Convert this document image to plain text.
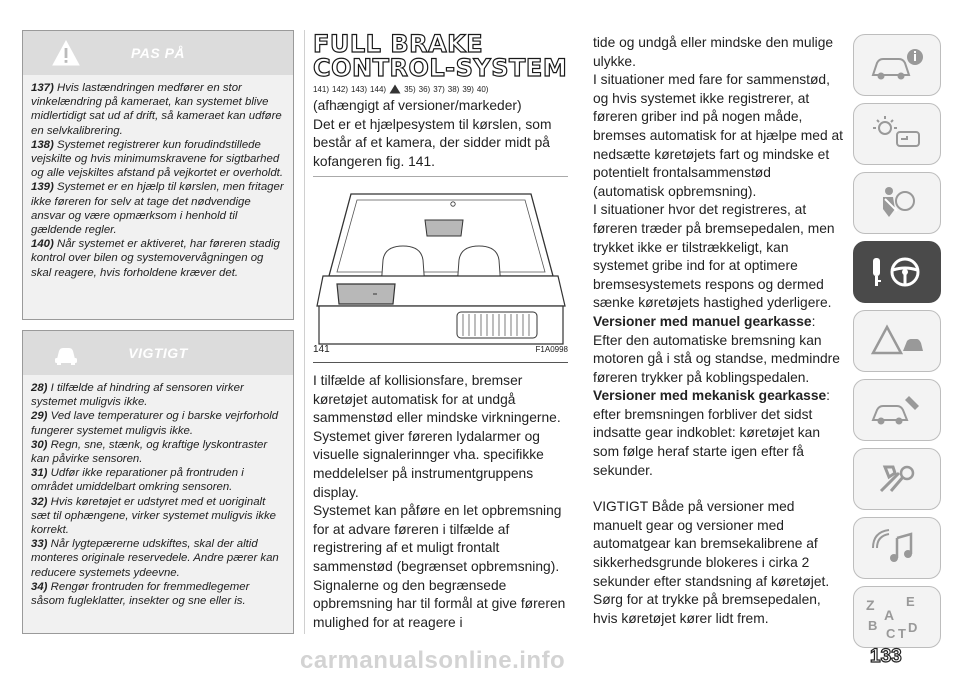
PAS PÅ

137) Hvis lastændringen medfører en stor vinkelændring på kameraet, kan systemet blive midlertidigt sat ud af drift, så kameraet kan udføre en selvkalibrering.

138) Systemet registrerer kun forudindstillede vejskilte og hvis minimumskravene for sigtbarhed og alle vejskiltes afstand på vejkortet er overholdt.

139) Systemet er en hjælp til kørslen, men fritager ikke føreren for selv at tage det nødvendige ansvar og være opmærksom i henhold til gældende regler.

140) Når systemet er aktiveret, har føreren stadig kontrol over bilen og systemovervågningen og skal reagere, hvis forholdene kræver det.

VIGTIGT

28) I tilfælde af hindring af sensoren virker systemet muligvis ikke.

29) Ved lave temperaturer og i barske vejrforhold fungerer systemet muligvis ikke.

30) Regn, sne, stænk, og kraftige lyskontraster kan påvirke sensoren.

31) Udfør ikke reparationer på frontruden i området umiddelbart omkring sensoren.

32) Hvis køretøjet er udstyret med et uoriginalt sæt til ophængene, virker systemet muligvis ikke korrekt.

33) Når lygtepærerne udskiftes, skal der altid monteres originale reservedele. Andre pærer kan reducere systemets ydeevne.

34) Rengør frontruden for fremmedlegemer såsom fugleklatter, insekter og sne eller is.

FULL BRAKE
CONTROL-SYSTEM
141) 142) 143) 144) 35) 36) 37) 38) 39) 40)

(afhængigt af versioner/markeder)

Det er et hjælpesystem til kørslen, som består af et kamera, der sidder midt på kofangeren fig. 141.

141	F1A0998

I tilfælde af kollisionsfare, bremser køretøjet automatisk for at undgå sammenstød eller mindske virkningerne.

Systemet giver føreren lydalarmer og visuelle signalerinnger vha. specifikke meddelelser på instrumentgruppens display.

Systemet kan påføre en let opbremsning for at advare føreren i tilfælde af registrering af et muligt frontalt sammenstød (begrænset opbremsning). Signalerne og den begrænsede opbremsning har til formål at give føreren mulighed for at reagere i

tide og undgå eller mindske den mulige ulykke.

I situationer med fare for sammenstød, og hvis systemet ikke registrerer, at føreren griber ind på nogen måde, bremses automatisk for at hjælpe med at nedsætte køretøjets fart og mindske et potentielt frontalsammenstød (automatisk opbremsning).

I situationer hvor det registreres, at føreren træder på bremsepedalen, men trykket ikke er tilstrækkeligt, kan systemet gribe ind for at optimere bremsesystemets respons og dermed sænke køretøjets hastighed yderligere.

Versioner med manuel gearkasse:

Efter den automatiske bremsning kan motoren gå i stå og standse, medmindre føreren trykker på koblingspedalen.

Versioner med mekanisk gearkasse: efter bremsningen forbliver det sidst indsatte gear indkoblet: køretøjet kan som følge heraf starte igen efter få sekunder.

VIGTIGT Både på versioner med manuelt gear og versioner med automatgear kan bremsekalibrene af sikkerhedsgrunde blokeres i cirka 2 sekunder efter standsning af køretøjet. Sørg for at trykke på bremsepedalen, hvis køretøjet kører lidt frem.

Z E
A
B D
C T
carmanualsonline.info	133
